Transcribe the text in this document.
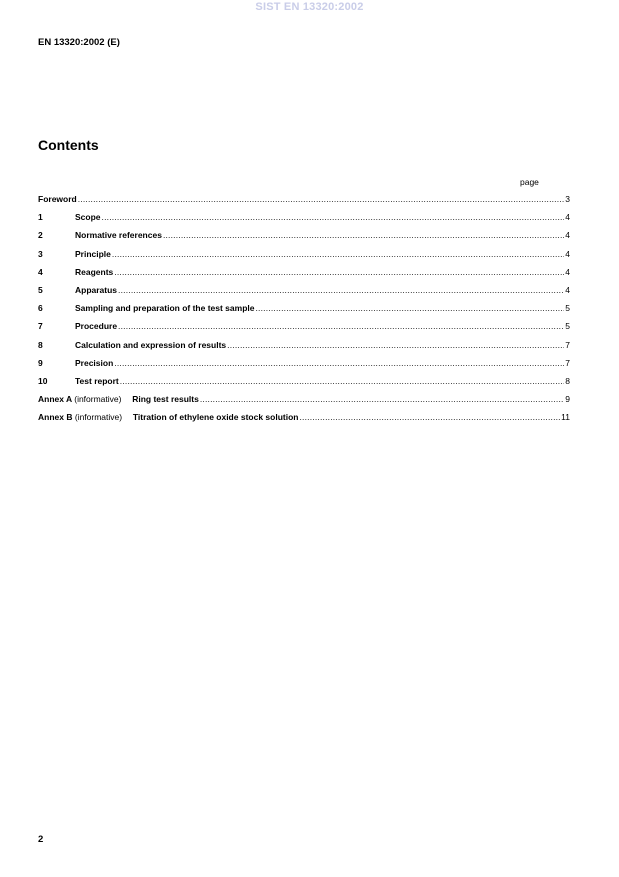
SIST EN 13320:2002
EN 13320:2002 (E)
Contents
page
Foreword .....	3
1	Scope .....	4
2	Normative references .....	4
3	Principle .....	4
4	Reagents .....	4
5	Apparatus .....	4
6	Sampling and preparation of the test sample .....	5
7	Procedure .....	5
8	Calculation and expression of results .....	7
9	Precision .....	7
10	Test report .....	8
Annex A (informative) Ring test results .....	9
Annex B (informative) Titration of ethylene oxide stock solution .....	11
2
